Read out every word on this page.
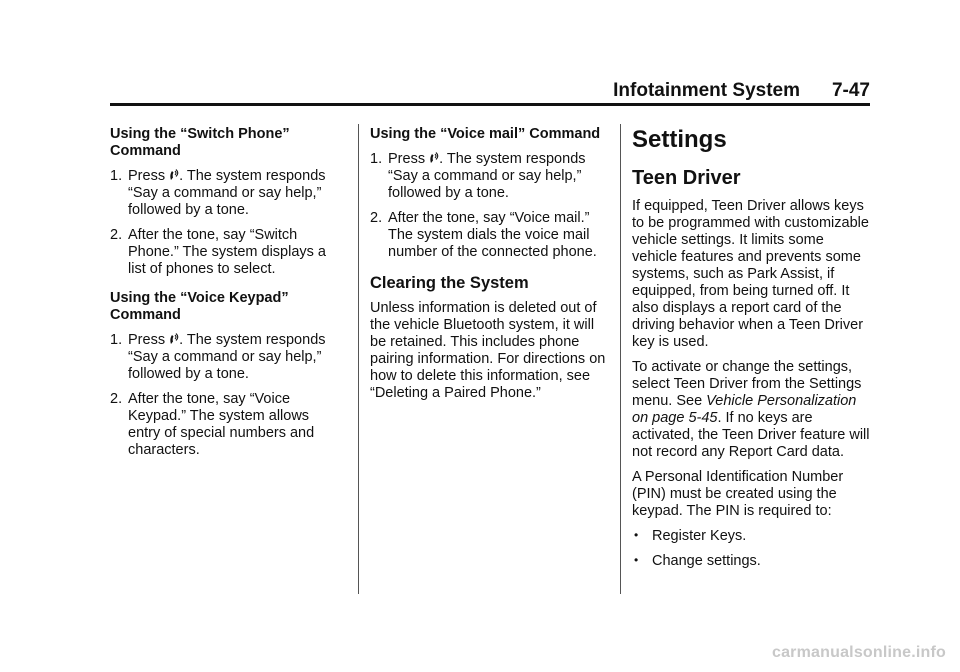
Infotainment System 7-47
Using the “Switch Phone” Command
1. Press . The system responds “Say a command or say help,” followed by a tone.
2. After the tone, say “Switch Phone.” The system displays a list of phones to select.
Using the “Voice Keypad” Command
1. Press . The system responds “Say a command or say help,” followed by a tone.
2. After the tone, say “Voice Keypad.” The system allows entry of special numbers and characters.
Using the “Voice mail” Command
1. Press . The system responds “Say a command or say help,” followed by a tone.
2. After the tone, say “Voice mail.” The system dials the voice mail number of the connected phone.
Clearing the System
Unless information is deleted out of the vehicle Bluetooth system, it will be retained. This includes phone pairing information. For directions on how to delete this information, see “Deleting a Paired Phone.”
Settings
Teen Driver
If equipped, Teen Driver allows keys to be programmed with customizable vehicle settings. It limits some vehicle features and prevents some systems, such as Park Assist, if equipped, from being turned off. It also displays a report card of the driving behavior when a Teen Driver key is used.
To activate or change the settings, select Teen Driver from the Settings menu. See Vehicle Personalization on page 5-45. If no keys are activated, the Teen Driver feature will not record any Report Card data.
A Personal Identification Number (PIN) must be created using the keypad. The PIN is required to:
• Register Keys.
• Change settings.
carmanualsonline.info
